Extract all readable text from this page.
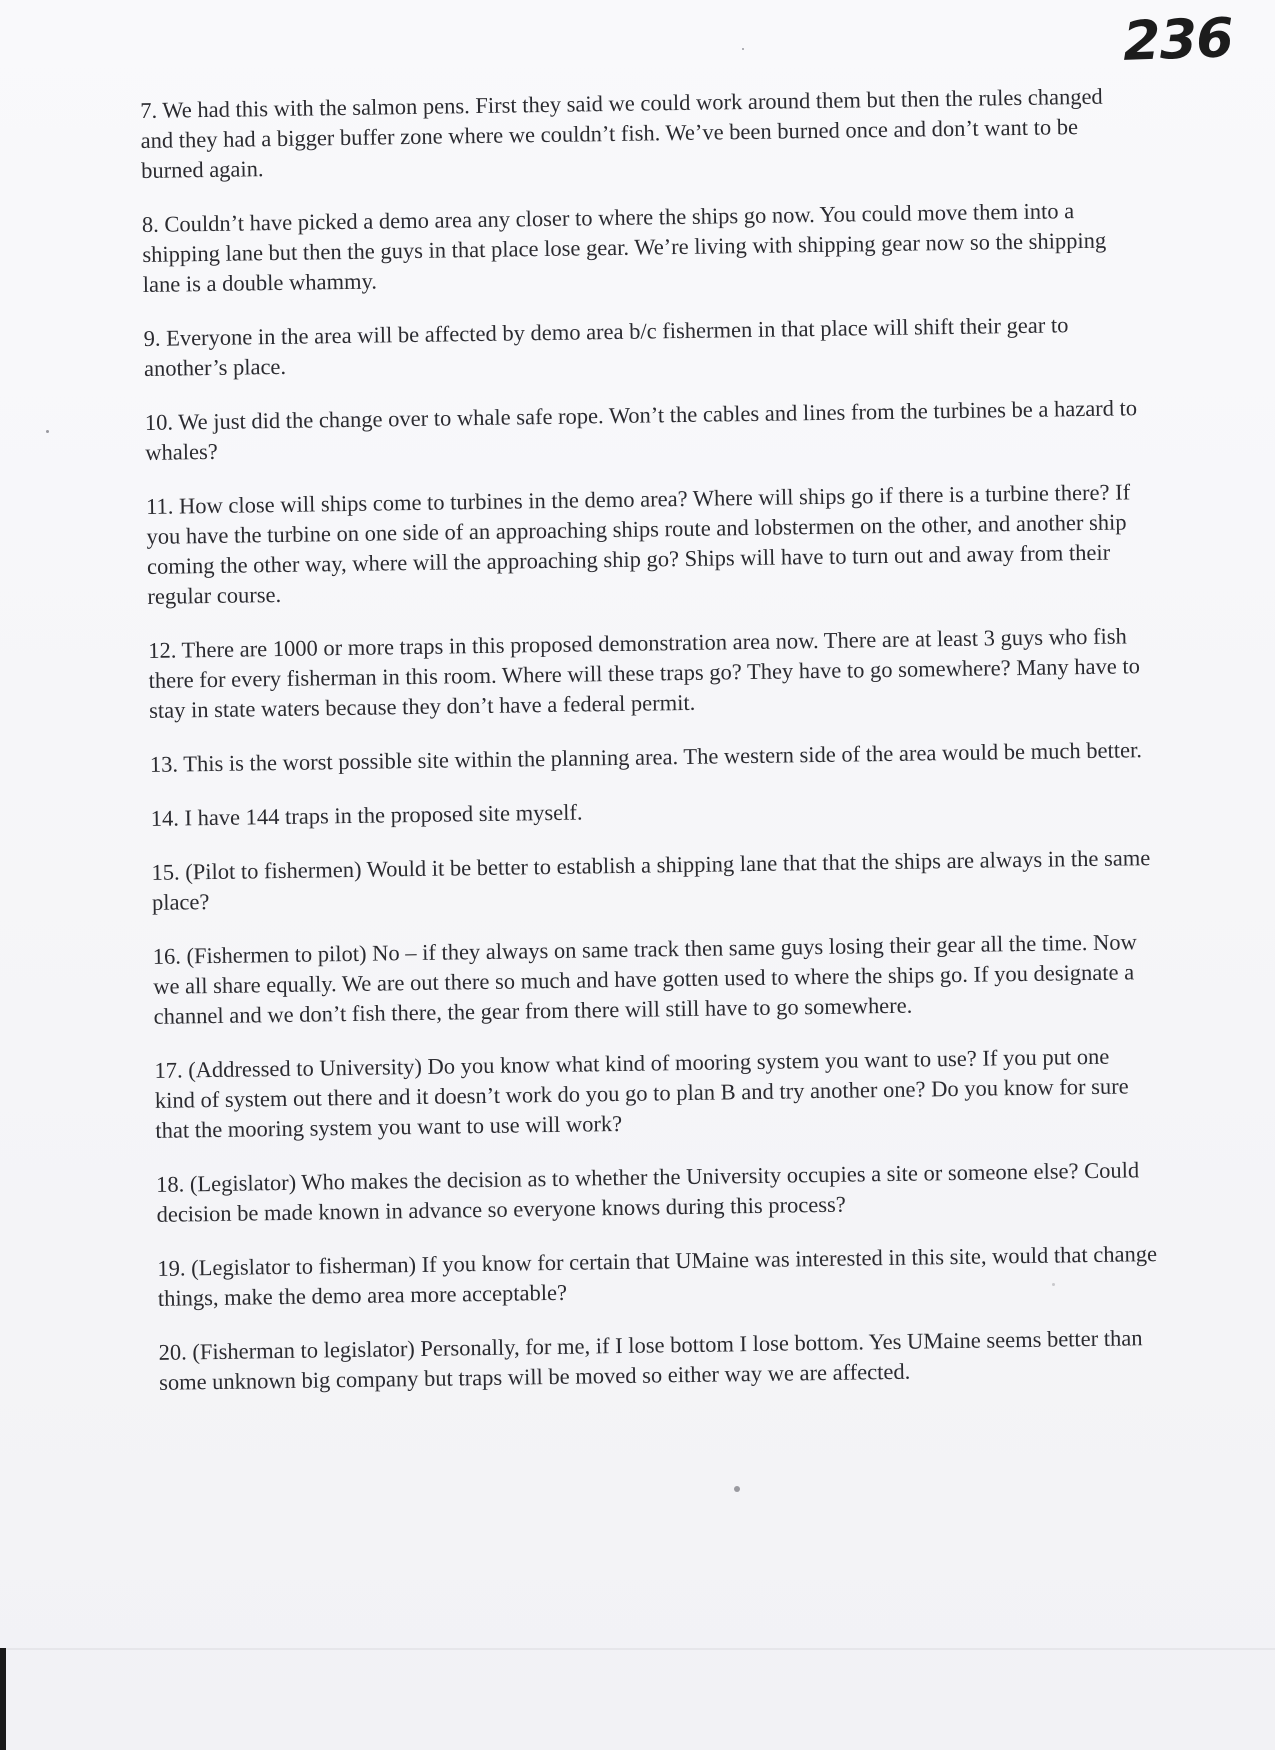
236

7. We had this with the salmon pens. First they said we could work around them but then the rules changed and they had a bigger buffer zone where we couldn’t fish. We’ve been burned once and don’t want to be burned again.

8. Couldn’t have picked a demo area any closer to where the ships go now. You could move them into a shipping lane but then the guys in that place lose gear. We’re living with shipping gear now so the shipping lane is a double whammy.

9. Everyone in the area will be affected by demo area b/c fishermen in that place will shift their gear to another’s place.

10. We just did the change over to whale safe rope. Won’t the cables and lines from the turbines be a hazard to whales?

11. How close will ships come to turbines in the demo area? Where will ships go if there is a turbine there? If you have the turbine on one side of an approaching ships route and lobstermen on the other, and another ship coming the other way, where will the approaching ship go? Ships will have to turn out and away from their regular course.

12. There are 1000 or more traps in this proposed demonstration area now. There are at least 3 guys who fish there for every fisherman in this room. Where will these traps go? They have to go somewhere? Many have to stay in state waters because they don’t have a federal permit.

13. This is the worst possible site within the planning area. The western side of the area would be much better.

14. I have 144 traps in the proposed site myself.

15. (Pilot to fishermen) Would it be better to establish a shipping lane that that the ships are always in the same place?

16. (Fishermen to pilot) No – if they always on same track then same guys losing their gear all the time. Now we all share equally. We are out there so much and have gotten used to where the ships go. If you designate a channel and we don’t fish there, the gear from there will still have to go somewhere.

17. (Addressed to University) Do you know what kind of mooring system you want to use? If you put one kind of system out there and it doesn’t work do you go to plan B and try another one? Do you know for sure that the mooring system you want to use will work?

18. (Legislator) Who makes the decision as to whether the University occupies a site or someone else? Could decision be made known in advance so everyone knows during this process?

19. (Legislator to fisherman) If you know for certain that UMaine was interested in this site, would that change things, make the demo area more acceptable?

20. (Fisherman to legislator) Personally, for me, if I lose bottom I lose bottom. Yes UMaine seems better than some unknown big company but traps will be moved so either way we are affected.
